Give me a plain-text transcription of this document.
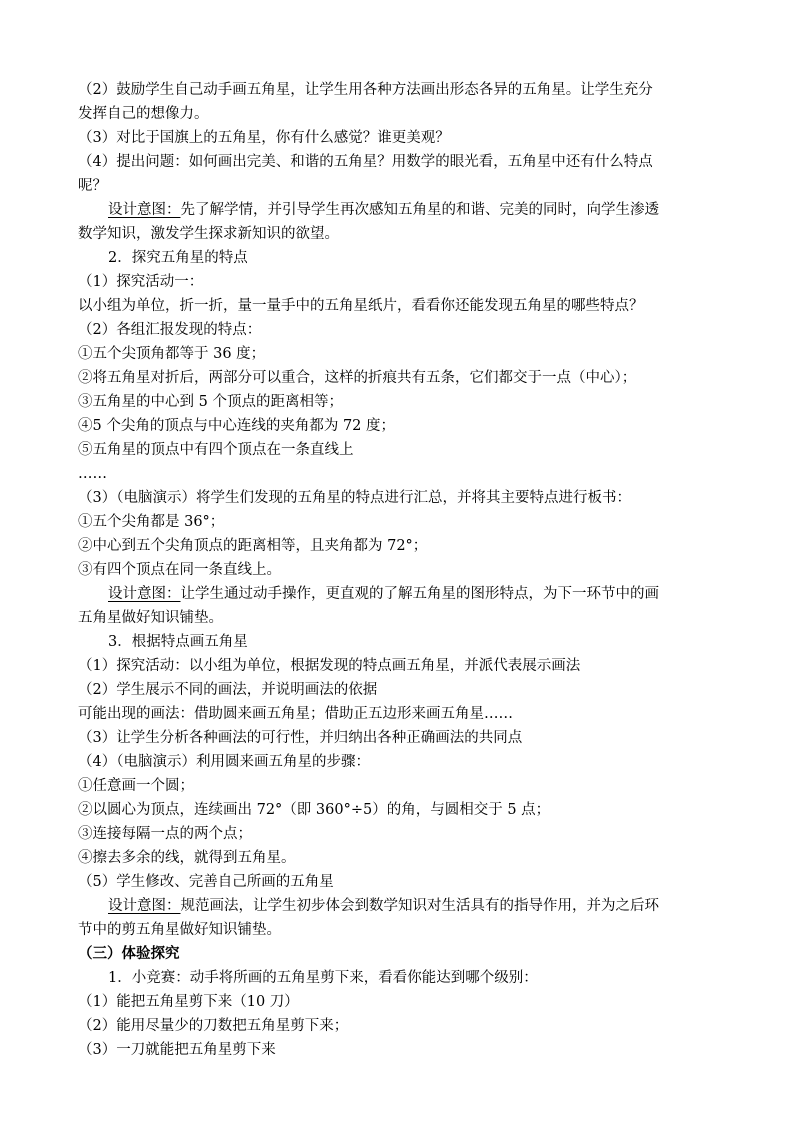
（2）鼓励学生自己动手画五角星，让学生用各种方法画出形态各异的五角星。让学生充分
发挥自己的想像力。
（3）对比于国旗上的五角星，你有什么感觉？谁更美观？
（4）提出问题：如何画出完美、和谐的五角星？用数学的眼光看，五角星中还有什么特点
呢？
设计意图：先了解学情，并引导学生再次感知五角星的和谐、完美的同时，向学生渗透
数学知识，激发学生探求新知识的欲望。
2．探究五角星的特点
（1）探究活动一：
以小组为单位，折一折，量一量手中的五角星纸片，看看你还能发现五角星的哪些特点？
（2）各组汇报发现的特点：
①五个尖顶角都等于 36 度；
②将五角星对折后，两部分可以重合，这样的折痕共有五条，它们都交于一点（中心）；
③五角星的中心到 5 个顶点的距离相等；
④5 个尖角的顶点与中心连线的夹角都为 72 度；
⑤五角星的顶点中有四个顶点在一条直线上
……
（3）（电脑演示）将学生们发现的五角星的特点进行汇总，并将其主要特点进行板书：
①五个尖角都是 36°；
②中心到五个尖角顶点的距离相等，且夹角都为 72°；
③有四个顶点在同一条直线上。
设计意图：让学生通过动手操作，更直观的了解五角星的图形特点，为下一环节中的画
五角星做好知识铺垫。
3．根据特点画五角星
（1）探究活动：以小组为单位，根据发现的特点画五角星，并派代表展示画法
（2）学生展示不同的画法，并说明画法的依据
可能出现的画法：借助圆来画五角星；借助正五边形来画五角星……
（3）让学生分析各种画法的可行性，并归纳出各种正确画法的共同点
（4）（电脑演示）利用圆来画五角星的步骤：
①任意画一个圆；
②以圆心为顶点，连续画出 72°（即 360°÷5）的角，与圆相交于 5 点；
③连接每隔一点的两个点；
④擦去多余的线，就得到五角星。
（5）学生修改、完善自己所画的五角星
设计意图：规范画法，让学生初步体会到数学知识对生活具有的指导作用，并为之后环
节中的剪五角星做好知识铺垫。
（三）体验探究
1．小竞赛：动手将所画的五角星剪下来，看看你能达到哪个级别：
（1）能把五角星剪下来（10 刀）
（2）能用尽量少的刀数把五角星剪下来；
（3）一刀就能把五角星剪下来
